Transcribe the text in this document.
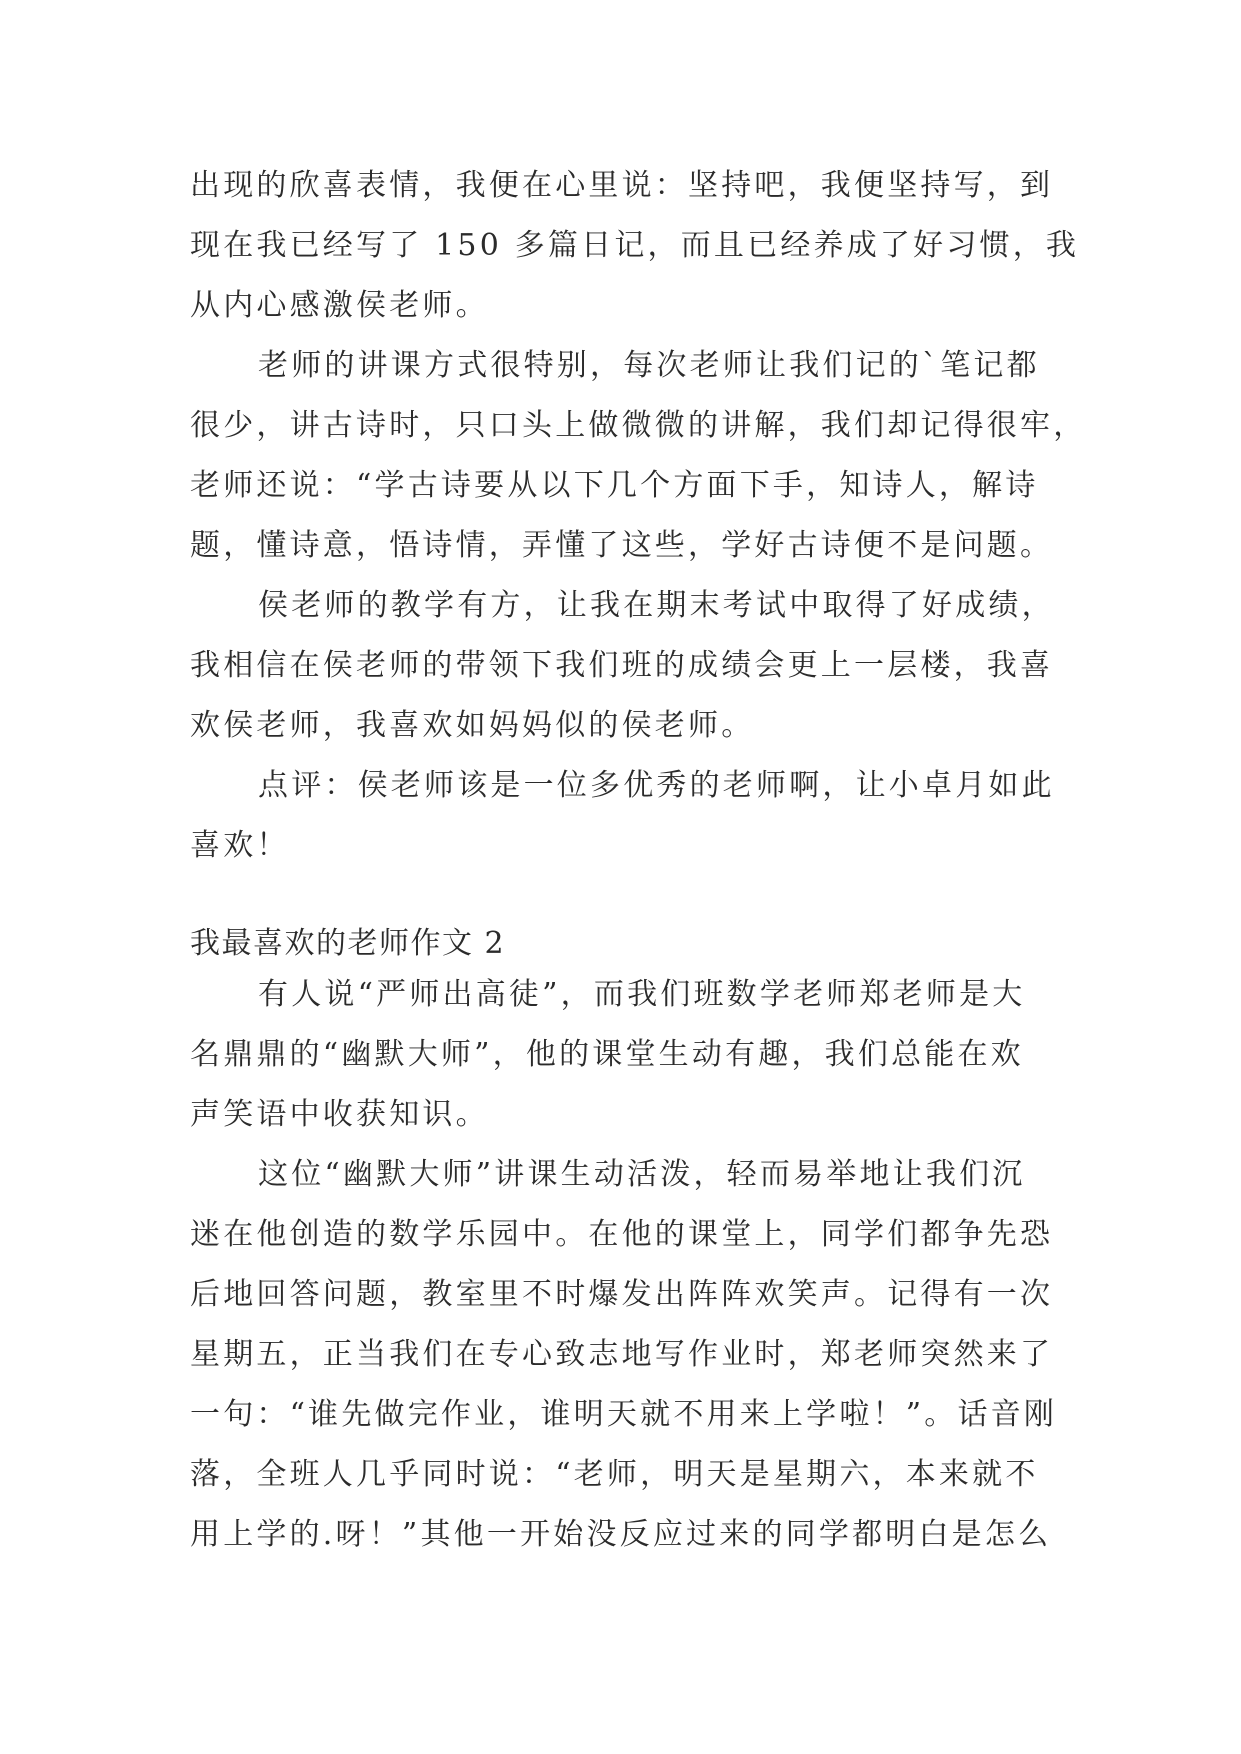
出现的欣喜表情，我便在心里说：坚持吧，我便坚持写，到
现在我已经写了 150 多篇日记，而且已经养成了好习惯，我
从内心感激侯老师。
老师的讲课方式很特别，每次老师让我们记的`笔记都
很少，讲古诗时，只口头上做微微的讲解，我们却记得很牢，
老师还说：“学古诗要从以下几个方面下手，知诗人，解诗
题，懂诗意，悟诗情，弄懂了这些，学好古诗便不是问题。
侯老师的教学有方，让我在期末考试中取得了好成绩，
我相信在侯老师的带领下我们班的成绩会更上一层楼，我喜
欢侯老师，我喜欢如妈妈似的侯老师。
点评：侯老师该是一位多优秀的老师啊，让小卓月如此
喜欢！
我最喜欢的老师作文 2
有人说“严师出高徒”，而我们班数学老师郑老师是大
名鼎鼎的“幽默大师”，他的课堂生动有趣，我们总能在欢
声笑语中收获知识。
这位“幽默大师”讲课生动活泼，轻而易举地让我们沉
迷在他创造的数学乐园中。在他的课堂上，同学们都争先恐
后地回答问题，教室里不时爆发出阵阵欢笑声。记得有一次
星期五，正当我们在专心致志地写作业时，郑老师突然来了
一句：“谁先做完作业，谁明天就不用来上学啦！”。话音刚
落，全班人几乎同时说：“老师，明天是星期六，本来就不
用上学的.呀！”其他一开始没反应过来的同学都明白是怎么
